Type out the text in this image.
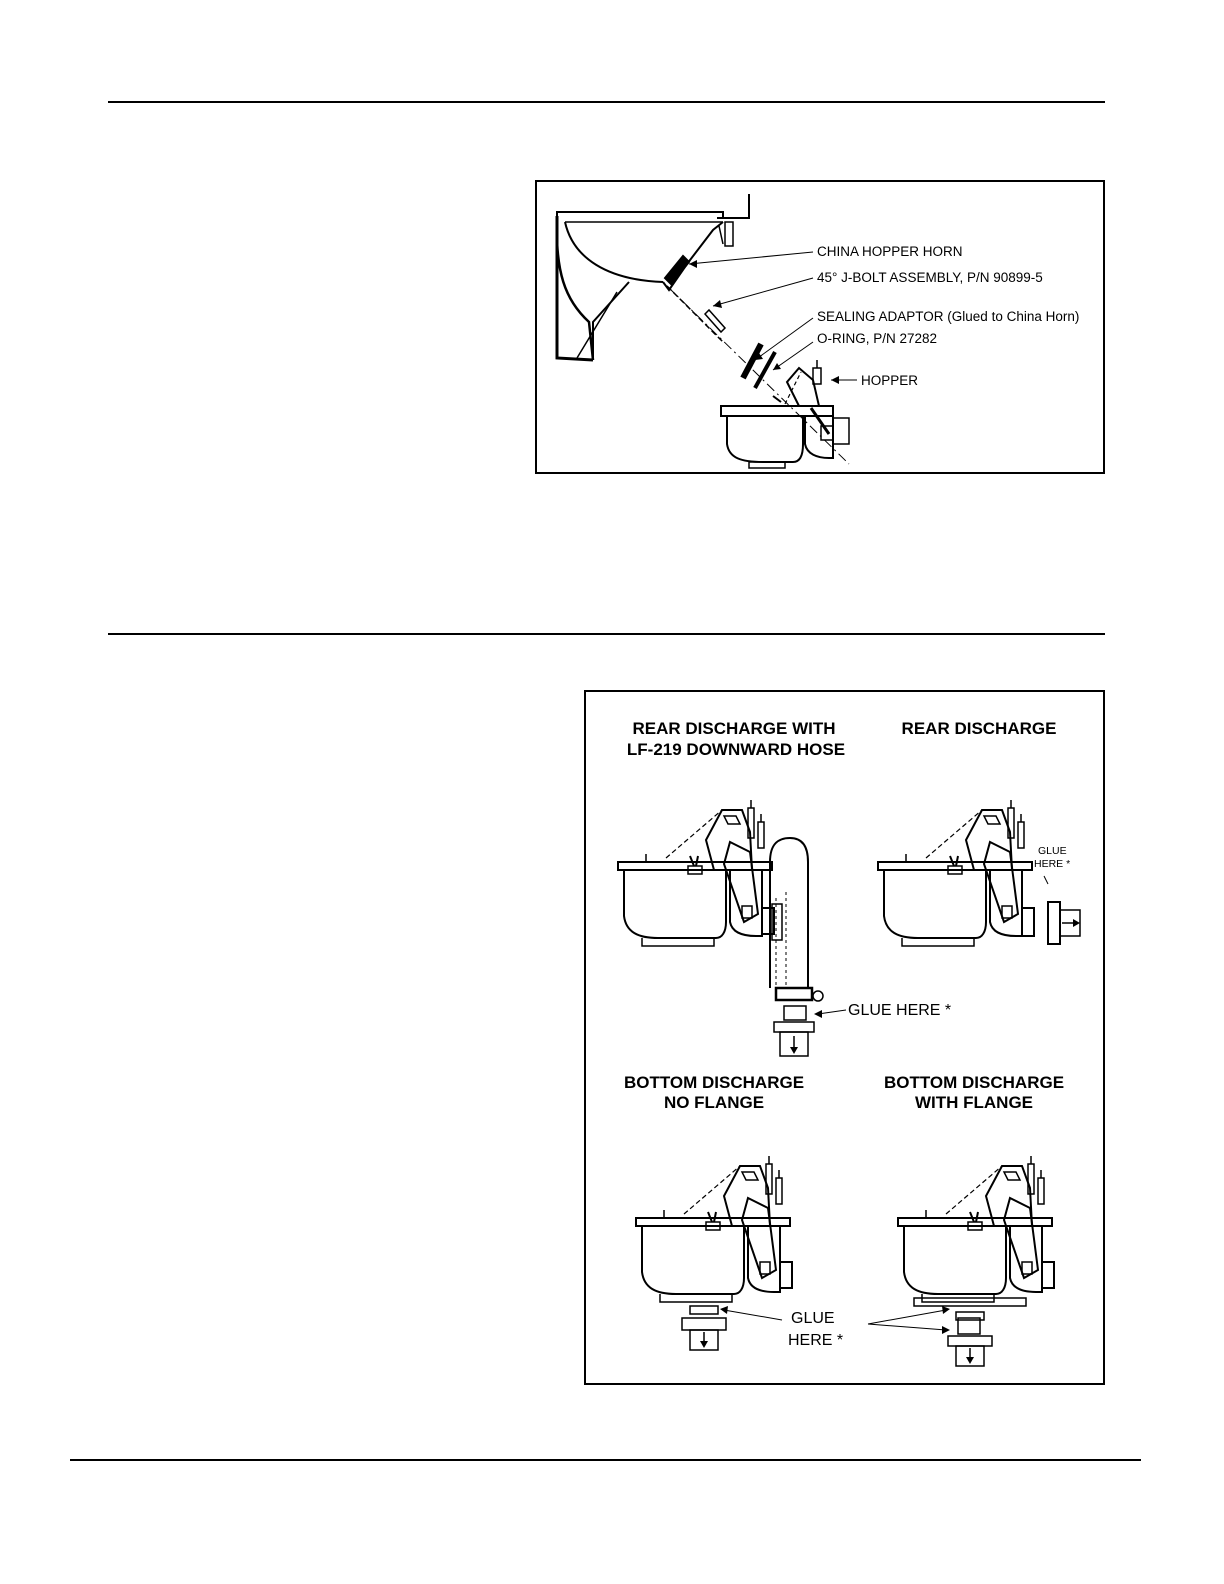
CHINA HOPPER HORN
45° J-BOLT ASSEMBLY, P/N 90899-5
SEALING ADAPTOR (Glued to China Horn)
O-RING, P/N 27282
HOPPER
REAR DISCHARGE WITH
LF-219 DOWNWARD HOSE
REAR DISCHARGE
BOTTOM DISCHARGE
NO FLANGE
BOTTOM DISCHARGE
WITH FLANGE
GLUE HERE *
GLUE
HERE *
GLUE
HERE *
